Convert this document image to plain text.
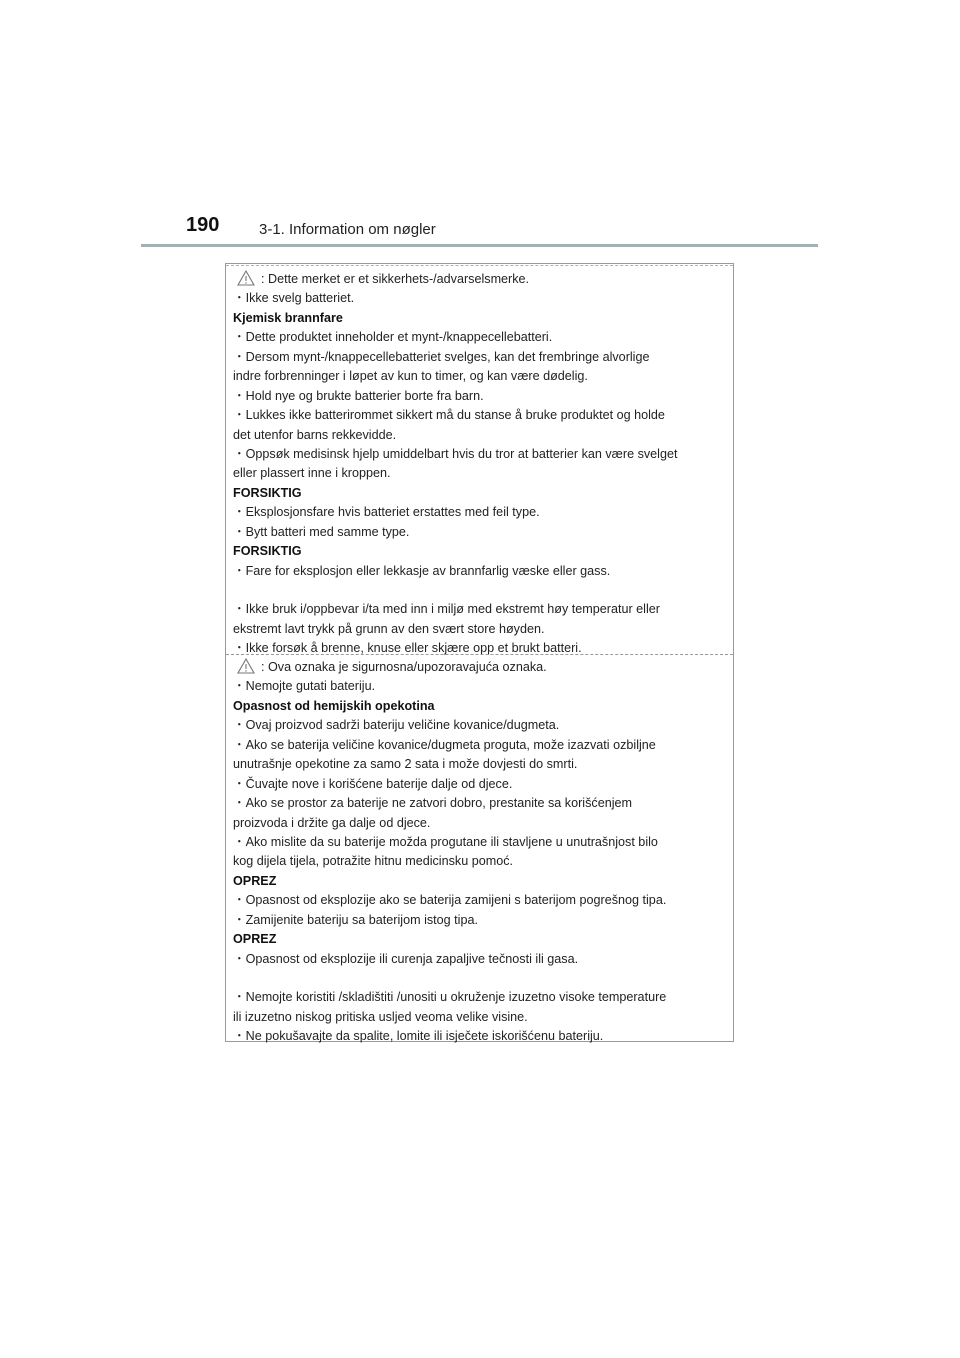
190	3-1. Information om nøgler
: Dette merket er et sikkerhets-/advarselsmerke.
・Ikke svelg batteriet.
Kjemisk brannfare
・Dette produktet inneholder et mynt-/knappecellebatteri.
・Dersom mynt-/knappecellebatteriet svelges, kan det frembringe alvorlige
indre forbrenninger i løpet av kun to timer, og kan være dødelig.
・Hold nye og brukte batterier borte fra barn.
・Lukkes ikke batterirommet sikkert må du stanse å bruke produktet og holde
det utenfor barns rekkevidde.
・Oppsøk medisinsk hjelp umiddelbart hvis du tror at batterier kan være svelget
eller plassert inne i kroppen.
FORSIKTIG
・Eksplosjonsfare hvis batteriet erstattes med feil type.
・Bytt batteri med samme type.
FORSIKTIG
・Fare for eksplosjon eller lekkasje av brannfarlig væske eller gass.
・Ikke bruk i/oppbevar i/ta med inn i miljø med ekstremt høy temperatur eller
ekstremt lavt trykk på grunn av den svært store høyden.
・Ikke forsøk å brenne, knuse eller skjære opp et brukt batteri.
: Ova oznaka je sigurnosna/upozoravajuća oznaka.
・Nemojte gutati bateriju.
Opasnost od hemijskih opekotina
・Ovaj proizvod sadrži bateriju veličine kovanice/dugmeta.
・Ako se baterija veličine kovanice/dugmeta proguta, može izazvati ozbiljne
unutrašnje opekotine za samo 2 sata i može dovjesti do smrti.
・Čuvajte nove i korišćene baterije dalje od djece.
・Ako se prostor za baterije ne zatvori dobro, prestanite sa korišćenjem
proizvoda i držite ga dalje od djece.
・Ako mislite da su baterije možda progutane ili stavljene u unutrašnjost bilo
kog dijela tijela, potražite hitnu medicinsku pomoć.
OPREZ
・Opasnost od eksplozije ako se baterija zamijeni s baterijom pogrešnog tipa.
・Zamijenite bateriju sa baterijom istog tipa.
OPREZ
・Opasnost od eksplozije ili curenja zapaljive tečnosti ili gasa.
・Nemojte koristiti /skladištiti /unositi u okruženje izuzetno visoke temperature
ili izuzetno niskog pritiska usljed veoma velike visine.
・Ne pokušavajte da spalite, lomite ili isječete iskorišćenu bateriju.
